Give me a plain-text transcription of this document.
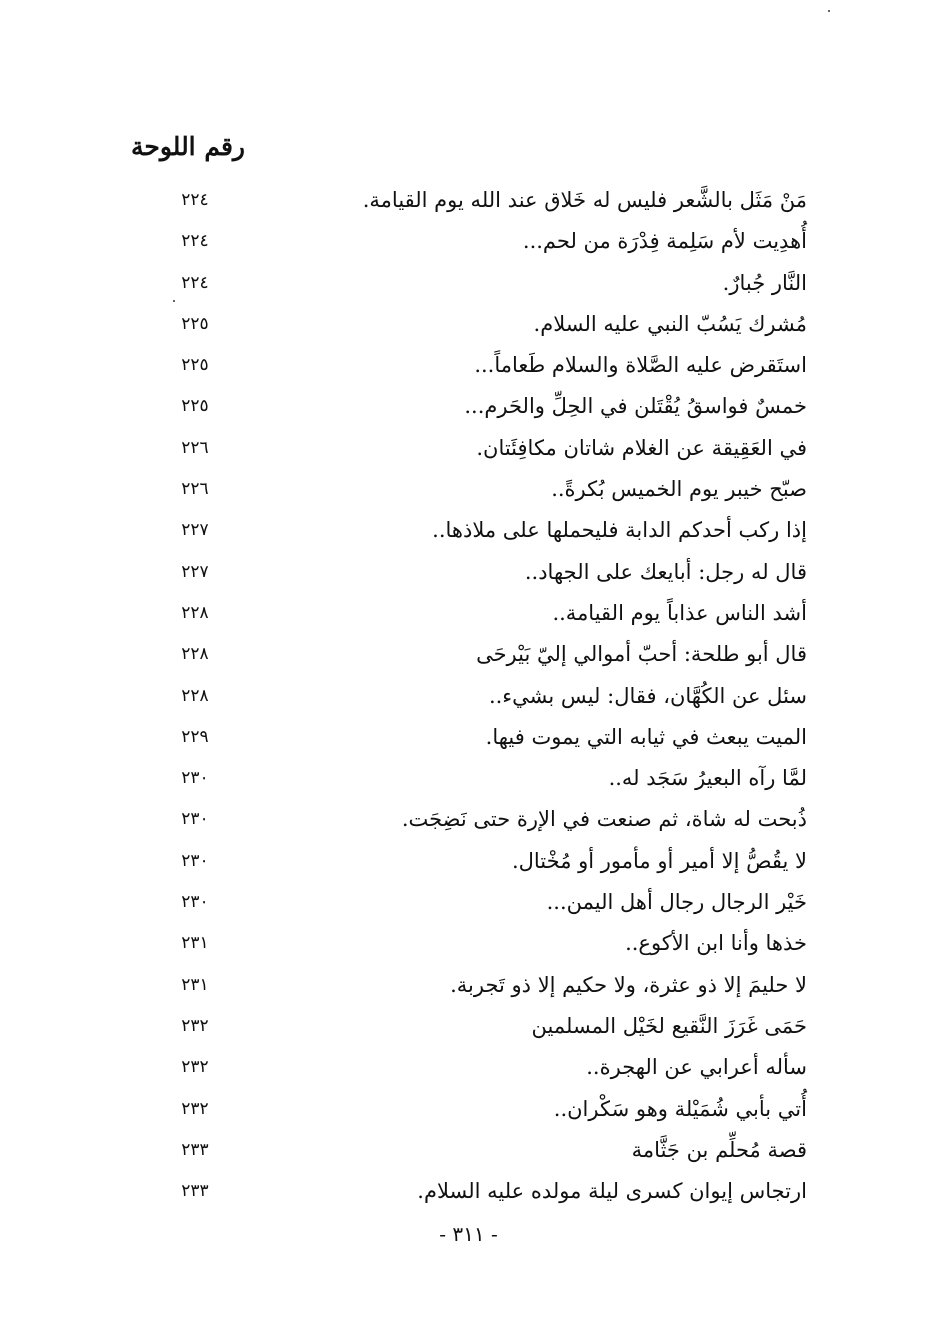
رقم اللوحة
مَنْ مَثَل بالشَّعر فليس له خَلاق عند الله يوم القيامة.
٢٢٤
أُهدِيت لأم سَلِمة فِدْرَة من لحم...
٢٢٤
النَّار جُبارٌ.
٢٢٤
مُشرك يَسُبّ النبي عليه السلام.
٢٢٥
استَقرض عليه الصَّلاة والسلام طَعاماً...
٢٢٥
خمسٌ فواسقُ يُقْتَلن في الحِلِّ والحَرم...
٢٢٥
في العَقِيقة عن الغلام شاتان مكافِئَتان.
٢٢٦
صبّح خيبر يوم الخميس بُكرةً..
٢٢٦
إذا ركب أحدكم الدابة فليحملها على ملاذها..
٢٢٧
قال له رجل: أبايعك على الجهاد..
٢٢٧
أشد الناس عذاباً يوم القيامة..
٢٢٨
قال أبو طلحة: أحبّ أموالي إليّ بَيْرحَى
٢٢٨
سئل عن الكُهَّان، فقال: ليس بشيء..
٢٢٨
الميت يبعث في ثيابه التي يموت فيها.
٢٢٩
لمَّا رآه البعيرُ سَجَد له..
٢٣٠
ذُبحت له شاة، ثم صنعت في الإرة حتى نَضِجَت.
٢٣٠
لا يقُصُّ إلا أمير أو مأمور أو مُخْتال.
٢٣٠
خَيْر الرجال رجال أهل اليمن...
٢٣٠
خذها وأنا ابن الأكوع..
٢٣١
لا حليمَ إلا ذو عثرة، ولا حكيم إلا ذو تَجربة.
٢٣١
حَمَى غَرَزَ النَّقيع لخَيْل المسلمين
٢٣٢
سأله أعرابي عن الهجرة..
٢٣٢
أُتي بأبي شُمَيْلة وهو سَكْران..
٢٣٢
قصة مُحلِّم بن جَثَّامة
٢٣٣
ارتجاس إيوان كسرى ليلة مولده عليه السلام.
٢٣٣
- ٣١١ -
